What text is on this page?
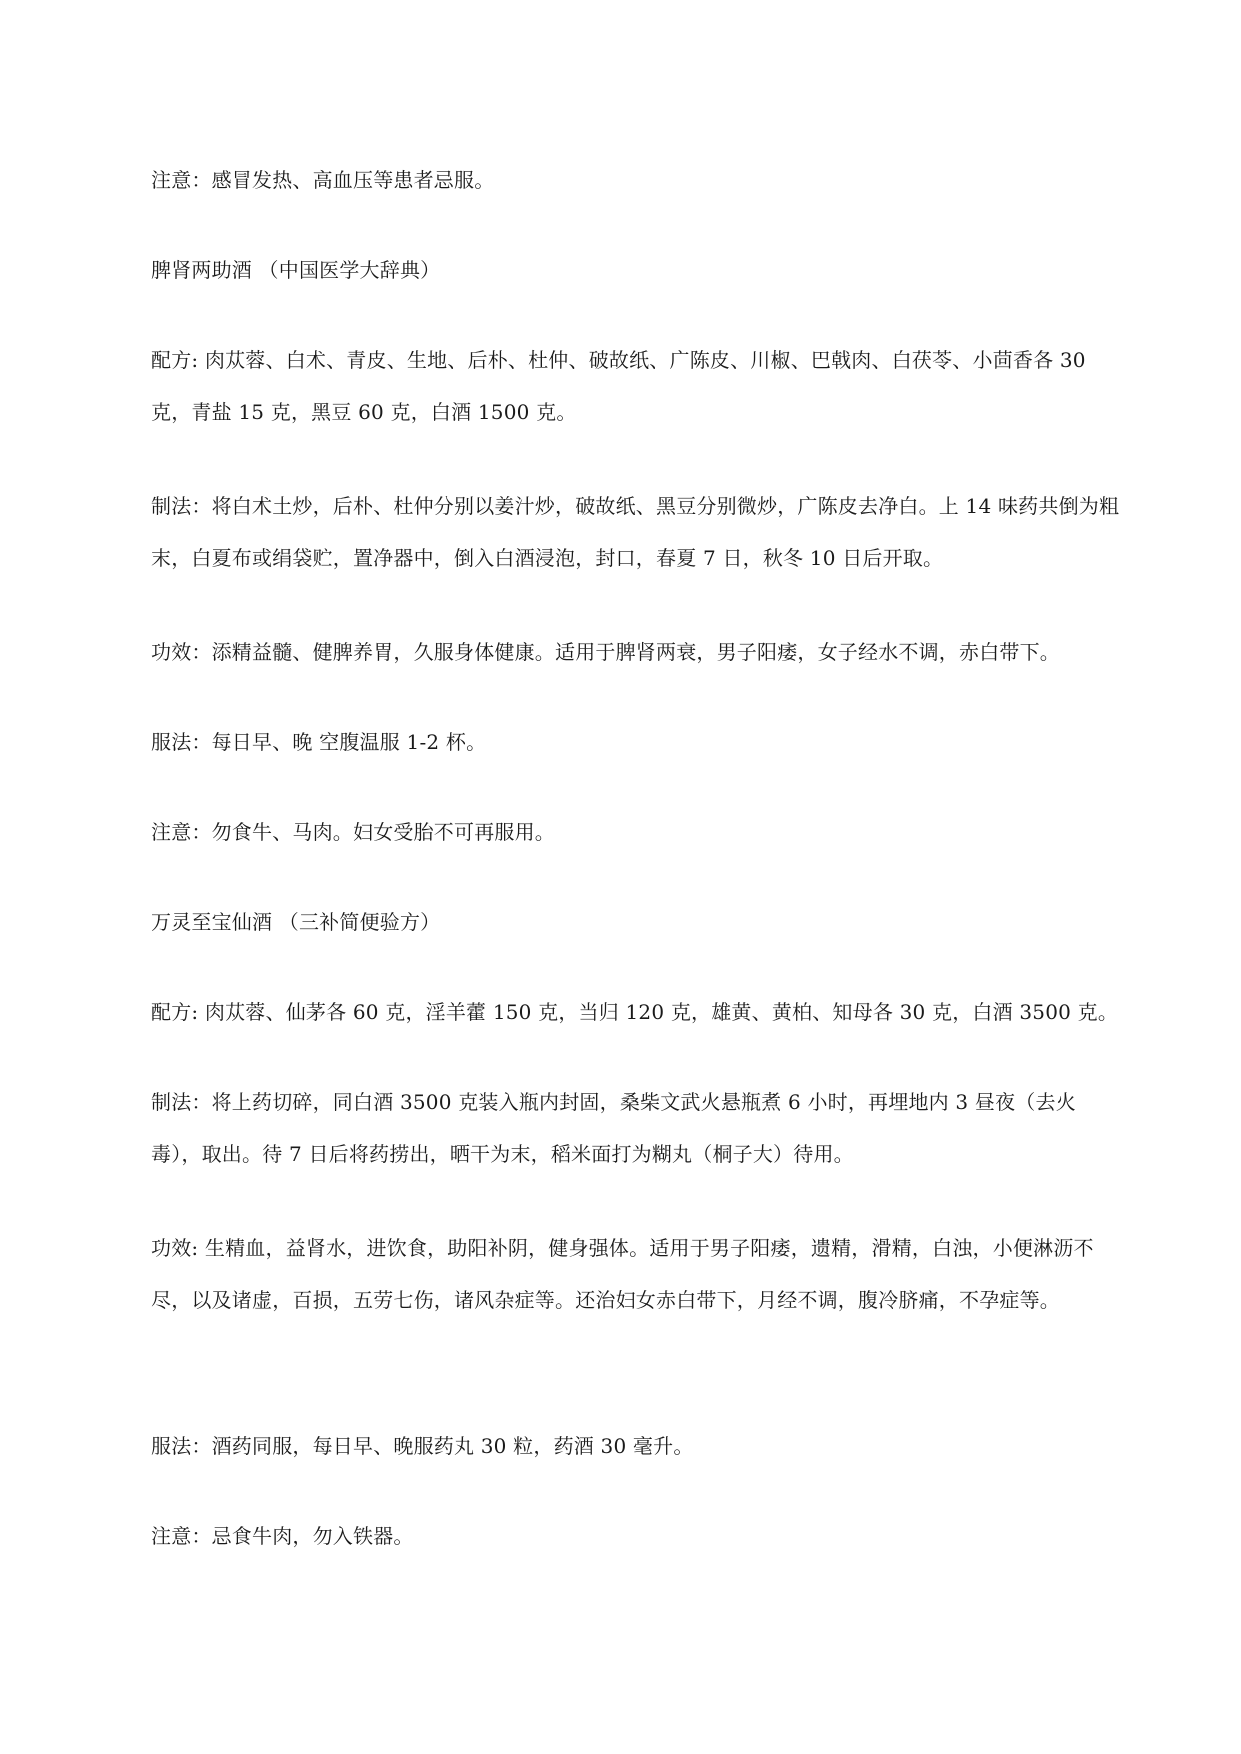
注意：感冒发热、高血压等患者忌服。

脾肾两助酒 （中国医学大辞典）

配方: 肉苁蓉、白术、青皮、生地、后朴、杜仲、破故纸、广陈皮、川椒、巴戟肉、白茯苓、小茴香各 30 克，青盐 15 克，黑豆 60 克，白酒 1500 克。

制法：将白术土炒，后朴、杜仲分别以姜汁炒，破故纸、黑豆分别微炒，广陈皮去净白。上 14 味药共倒为粗末，白夏布或绢袋贮，置净器中，倒入白酒浸泡，封口，春夏 7 日，秋冬 10 日后开取。

功效：添精益髓、健脾养胃，久服身体健康。适用于脾肾两衰，男子阳痿，女子经水不调，赤白带下。

服法：每日早、晚 空腹温服 1-2 杯。

注意：勿食牛、马肉。妇女受胎不可再服用。

万灵至宝仙酒 （三补简便验方）

配方: 肉苁蓉、仙茅各 60 克，淫羊藿 150 克，当归 120 克，雄黄、黄柏、知母各 30 克，白酒 3500 克。

制法：将上药切碎，同白酒 3500 克装入瓶内封固，桑柴文武火悬瓶煮 6 小时，再埋地内 3 昼夜（去火毒），取出。待 7 日后将药捞出，晒干为末，稻米面打为糊丸（桐子大）待用。

功效: 生精血，益肾水，进饮食，助阳补阴，健身强体。适用于男子阳痿，遗精，滑精，白浊，小便淋沥不尽，以及诸虚，百损，五劳七伤，诸风杂症等。还治妇女赤白带下，月经不调，腹冷脐痛，不孕症等。

服法：酒药同服，每日早、晚服药丸 30 粒，药酒 30 毫升。

注意：忌食牛肉，勿入铁器。
